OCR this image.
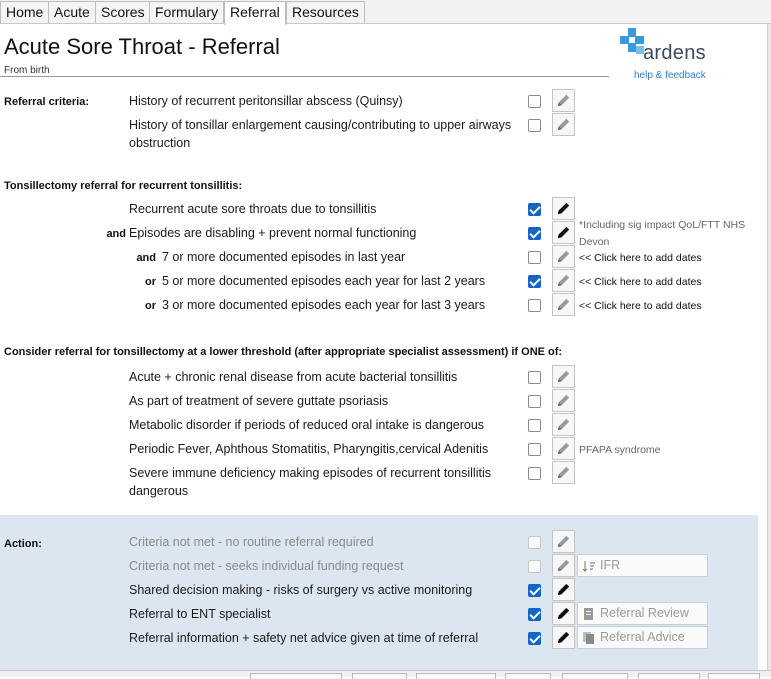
Home Acute Scores Formulary Referral Resources
Acute Sore Throat - Referral
From birth
ardens
help & feedback
Referral criteria:	History of recurrent peritonsillar abscess (Quinsy)
History of tonsillar enlargement causing/contributing to upper airways obstruction
Tonsillectomy referral for recurrent tonsillitis:
Recurrent acute sore throats due to tonsillitis
and Episodes are disabling + prevent normal functioning
*Including sig impact QoL/FTT NHS Devon
and 7 or more documented episodes in last year	<< Click here to add dates
or 5 or more documented episodes each year for last 2 years	<< Click here to add dates
or 3 or more documented episodes each year for last 3 years	<< Click here to add dates
Consider referral for tonsillectomy at a lower threshold (after appropriate specialist assessment) if ONE of:
Acute + chronic renal disease from acute bacterial tonsillitis
As part of treatment of severe guttate psoriasis
Metabolic disorder if periods of reduced oral intake is dangerous
Periodic Fever, Aphthous Stomatitis, Pharyngitis,cervical Adenitis	PFAPA syndrome
Severe immune deficiency making episodes of recurrent tonsillitis dangerous
Action:	Criteria not met - no routine referral required
Criteria not met - seeks individual funding request	IFR
Shared decision making - risks of surgery vs active monitoring
Referral to ENT specialist	Referral Review
Referral information + safety net advice given at time of referral	Referral Advice
